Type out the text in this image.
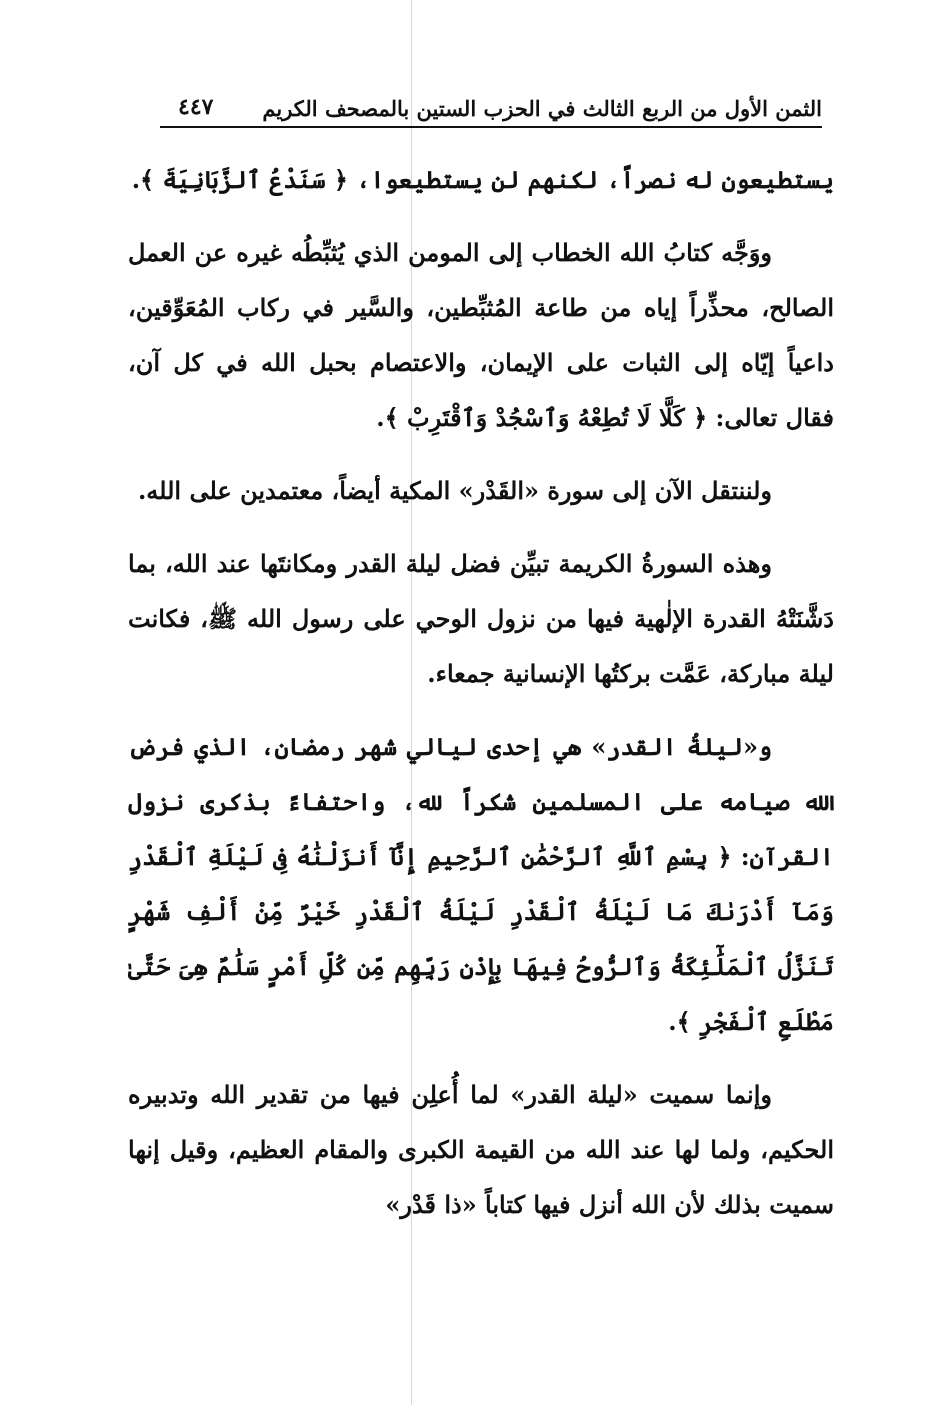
الثمن الأول من الربع الثالث في الحزب الستين بالمصحف الكريم
٤٤٧

يستطيعون له نصراً، لكنهم لن يستطيعوا، ﴿ سَنَدْعُ ٱلزَّبَانِيَةَ ﴾.

ووَجَّه كتابُ الله الخطاب إلى المومن الذي يُثبِّطُه غيره عن العمل الصالح، محذِّراً إياه من طاعة المُثبِّطين، والسَّير في ركاب المُعَوِّقين، داعياً إيّاه إلى الثبات على الإيمان، والاعتصام بحبل الله في كل آن، فقال تعالى: ﴿ كَلَّا لَا تُطِعْهُ وَٱسْجُدْ وَٱقْتَرِبْ ﴾.

ولننتقل الآن إلى سورة «القَدْر» المكية أيضاً، معتمدين على الله.

وهذه السورةُ الكريمة تبيِّن فضل ليلة القدر ومكانتَها عند الله، بما دَشَّنَتْهُ القدرة الإلٰهية فيها من نزول الوحي على رسول الله ﷺ، فكانت ليلة مباركة، عَمَّت بركتُها الإنسانية جمعاء.

و«ليلةُ القدر» هي إحدى ليالي شهر رمضان، الذي فرض الله صيامه على المسلمين شكراً لله، واحتفاءً بذكرى نزول القرآن: ﴿ بِسْمِ ٱللَّهِ ٱلرَّحْمَٰنِ ٱلرَّحِيمِ إِنَّآ أَنزَلْنَٰهُ فِى لَيْلَةِ ٱلْقَدْرِ وَمَآ أَدْرَىٰكَ مَا لَيْلَةُ ٱلْقَدْرِ لَيْلَةُ ٱلْقَدْرِ خَيْرٌ مِّنْ أَلْفِ شَهْرٍ تَنَزَّلُ ٱلْمَلَٰٓئِكَةُ وَٱلرُّوحُ فِيهَا بِإِذْنِ رَبِّهِم مِّن كُلِّ أَمْرٍ سَلَٰمٌ هِىَ حَتَّىٰ مَطْلَعِ ٱلْفَجْرِ ﴾.

وإنما سميت «ليلة القدر» لما أُعلِن فيها من تقدير الله وتدبيره الحكيم، ولما لها عند الله من القيمة الكبرى والمقام العظيم، وقيل إنها سميت بذلك لأن الله أنزل فيها كتاباً «ذا قَدْر»
